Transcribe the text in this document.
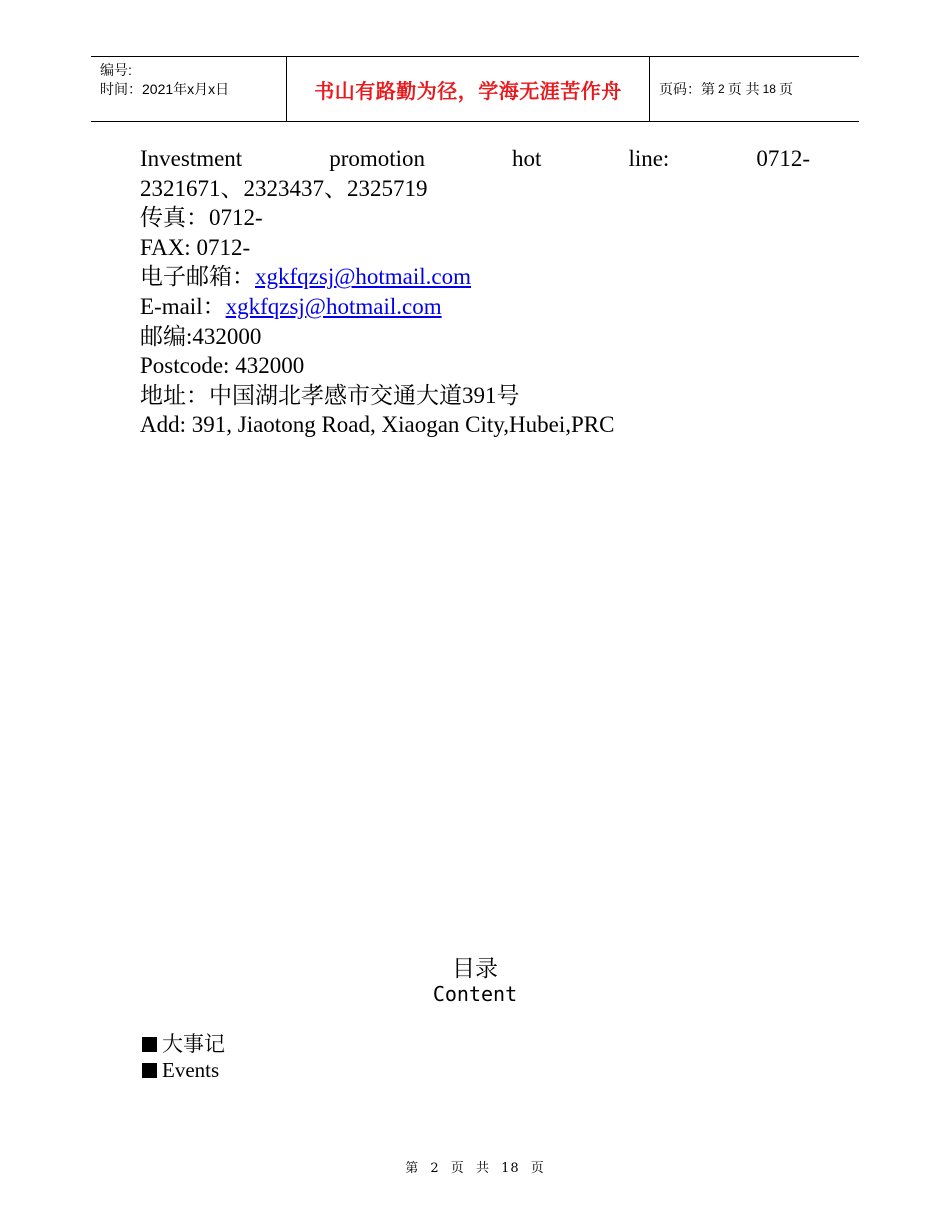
编号:
时间：2021年x月x日	书山有路勤为径，学海无涯苦作舟	页码：第 2 页 共 18 页
Investment	promotion	hot	line:	0712-
2321671、2323437、2325719
传真：0712-
FAX: 0712-
电子邮箱：xgkfqzsj@hotmail.com
E-mail：xgkfqzsj@hotmail.com
邮编:432000
Postcode: 432000
地址：中国湖北孝感市交通大道391号
Add: 391, Jiaotong Road, Xiaogan City,Hubei,PRC
目录
Content
大事记
Events
第 2 页 共 18 页
